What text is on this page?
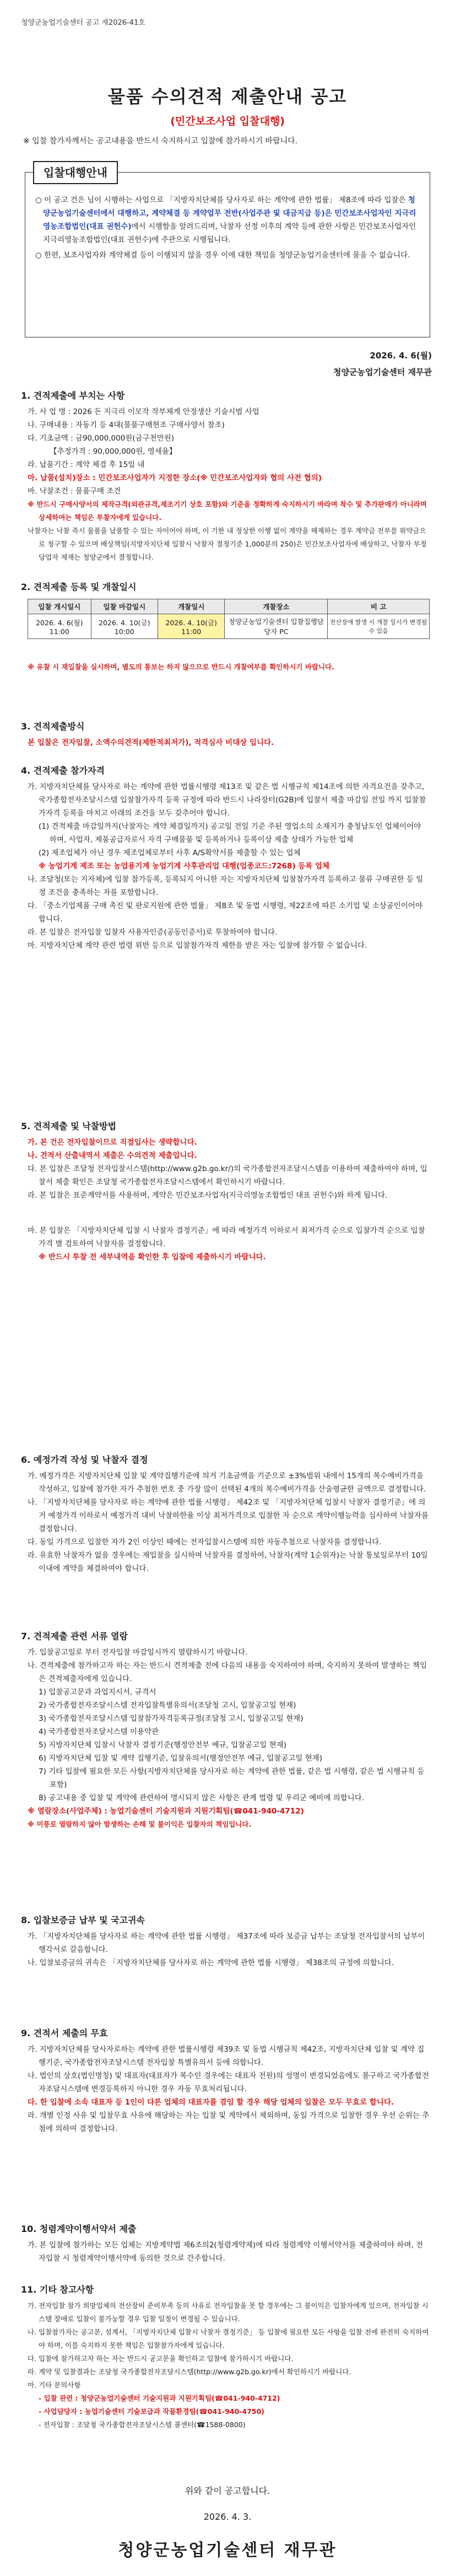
청양군농업기술센터 공고 제2026-41호
물품 수의견적 제출안내 공고
(민간보조사업 입찰대행)
※ 입찰 참가자께서는 공고내용을 반드시 숙지하시고 입찰에 참가하시기 바랍니다.
입찰대행안내

○ 이 공고 건은 님이 시행하는 사업으로 「지방자치단체를 당사자로 하는 계약에 관한 법률」 제8조에 따라 입찰은 청양군농업기술센터에서 대행하고, 계약체결 등 계약업무 전반(사업주관 및 대금지급 등)은 민간보조사업자인 지극리영농조합법인(대표 권헌수)에서 시행함을 알려드리며, 낙찰자 선정 이후의 계약 등에 관한 사항은 민간보조사업자인 지극리영농조합법인(대표 권헌수)에 주관으로 시행됩니다.

○ 한편, 보조사업자와 계약체결 등이 이행되지 않을 경우 이에 대한 책임을 청양군농업기술센터에 물을 수 없습니다.

2026. 4. 6(월)
청양군농업기술센터 재무관
1. 견적제출에 부치는 사항

가. 사 업 명 : 2026 돈 지극리 이모작 작부체계 안정생산 기술시범 사업

나. 구매내용 : 자동기 등 4대(물품구매현조 구매사양서 참조)

다. 기초금액 : 금90,000,000원(금구천만원)

【추정가격 : 90,000,000원, 영세율】

라. 납품기간 : 계약 체결 후 15일 내

마. 납품(설치)장소 : 민간보조사업자가 지정한 장소(※ 민간보조사업자와 협의 사전 협의)

바. 낙찰조건 : 물품구매 조건

※ 반드시 구매사양서의 제작규격(외관규격,제조기기 상호 포함)와 기준을 정확하게 숙지하시기 바라며 착수 및 추가판매가 아니라며 상세하여는 책임은 투찰자에게 있습니다.

낙찰자는 낙찰 즉시 물품을 납품할 수 있는 자이어야 하며, 이 기한 내 정상한 이행 없이 계약을 해제하는 경우 계약금 전부를 위약금으로 청구할 수 있으며 배상책임(지방자치단체 입찰시 낙찰자 결정기준 1,000분의 250)은 민간보조사업자에 배상하고, 낙찰자 부정당업자 제재는 청양군에서 결정합니다.

2. 견적제출 등록 및 개찰일시
입찰 개시일시	입찰 마감일시	개찰일시	개찰장소	비 고
2026. 4. 6(월) 11:00	2026. 4. 10(금) 10:00	2026. 4. 10(금) 11:00	청양군농업기술센터 입찰집행담당자 PC	전산장애 발생 시 개찰 일시가 변경될 수 있음
※ 유찰 시 재입찰을 실시하며, 별도의 통보는 하지 않으므로 반드시 개찰여부를 확인하시기 바랍니다.
3. 견적제출방식

본 입찰은 전자입찰, 소액수의견적(제한적최저가), 적격심사 비대상 입니다.

4. 견적제출 참가자격

가. 지방자치단체를 당사자로 하는 계약에 관한 법률시행령 제13조 및 같은 법 시행규칙 제14조에 의한 자격요건을 갖추고, 국가종합전자조달시스템 입찰참가자격 등록 규정에 따라 반드시 나라장터(G2B)에 입찰서 제출 마감일 전일 까지 입찰참가자격 등록을 마치고 아래의 조건을 모두 갖추어야 합니다.

(1) 견적제출 마감일까지(낙찰자는 계약 체결일까지) 공고일 전일 기준 주된 영업소의 소재지가 충청남도인 업체이어야 하며, 사업자, 제품공급자로서 자격 구매물품 및 등록하거나 등록이상 제출 상태가 가능한 업체

(2) 제조업체가 아닌 경우 제조업체로부터 사후 A/S확약서를 제출할 수 있는 업체

※ 농업기계 제조 또는 농업용기계 농업기계 사후관리업 대행(업종코드:7268) 등록 업체

나. 조달청(또는 지자체)에 입찰 참가등록, 등록되지 아니한 자는 지방자치단체 입찰참가자격 등록하고 물류 구매권한 등 일정 조건을 충족하는 자를 포함합니다.

다. 「중소기업제품 구매 촉진 및 판로지원에 관한 법률」 제8조 및 동법 시행령, 제22조에 따른 소기업 및 소상공인이어야 합니다.

라. 본 입찰은 전자입찰 입찰자 사용자인증(공동인증서)로 투찰하여야 합니다.

마. 지방자치단체 계약 관련 법령 위반 등으로 입찰참가자격 제한을 받은 자는 입찰에 참가할 수 없습니다.

5. 견적제출 및 낙찰방법

가. 본 건은 전자입찰이므로 직접입사는 생략합니다.

나. 견적서 산출내역서 제출은 수의견적 제출입니다.

다. 본 입찰은 조달청 전자입찰시스템(http://www.g2b.go.kr/)의 국가종합전자조달시스템을 이용하여 제출하여야 하며, 입찰서 제출 확인은 조달청 국가종합전자조달시스템에서 확인하시기 바랍니다.

라. 본 입찰은 표준계약서를 사용하며, 계약은 민간보조사업자(지극리영농조합법인 대표 권헌수)와 하게 됩니다.

마. 본 입찰은 「지방자치단체 입찰 시 낙찰자 결정기준」에 따라 예정가격 이하로서 최저가격 순으로 입찰가격 순으로 입찰가격 별 검토하여 낙찰자를 결정합니다.

※ 반드시 투찰 전 세부내역을 확인한 후 입찰에 제출하시기 바랍니다.

6. 예정가격 작성 및 낙찰자 결정

가. 예정가격은 지방자치단체 입찰 및 계약집행기준에 의거 기초금액을 기준으로 ±3%범위 내에서 15개의 복수예비가격을 작성하고, 입찰에 참가한 자가 추첨한 번호 중 가장 많이 선택된 4개의 복수예비가격을 산술평균한 금액으로 결정합니다.

나. 「지방자치단체를 당사자로 하는 계약에 관한 법률 시행령」 제42조 및 「지방자치단체 입찰시 낙찰자 결정기준」에 의거 예정가격 이하로서 예정가격 대비 낙찰하한율 이상 최저가격으로 입찰한 자 순으로 계약이행능력을 심사하여 낙찰자를 결정합니다.

다. 동일 가격으로 입찰한 자가 2인 이상인 때에는 전자입찰시스템에 의한 자동추첨으로 낙찰자를 결정합니다.

라. 유효한 낙찰자가 없을 경우에는 재입찰을 실시하며 낙찰자를 결정하여, 낙찰자(계약 1순위자)는 낙찰 통보일로부터 10일 이내에 계약을 체결하여야 합니다.

7. 견적제출 관련 서류 열람

가. 입찰공고일로 부터 전자입찰 마감일시까지 열람하시기 바랍니다.

나. 견적제출에 참가하고자 하는 자는 반드시 견적제출 전에 다음의 내용을 숙지하여야 하며, 숙지하지 못하여 발생하는 책임은 견적제출자에게 있습니다.

1) 입찰공고문과 과업지시서, 규격서

2) 국가종합전자조달시스템 전자입찰특별유의서(조달청 고시, 입찰공고일 현재)

3) 국가종합전자조달시스템 입찰참가자격등록규정(조달청 고시, 입찰공고일 현재)

4) 국가종합전자조달시스템 이용약관

5) 지방자치단체 입찰시 낙찰자 결정기준(행정안전부 예규, 입찰공고일 현재)

6) 지방자치단체 입찰 및 계약 집행기준, 입찰유의서(행정안전부 예규, 입찰공고일 현재)

7) 기타 입찰에 필요한 모든 사항(지방자치단체를 당사자로 하는 계약에 관한 법률, 같은 법 시행령, 같은 법 시행규칙 등 포함)

8) 공고내용 중 입찰 및 계약에 관련하여 명시되지 않은 사항은 관계 법령 및 우리군 예비에 의합니다.

※ 열람장소(사업주체) : 농업기술센터 기술지원과 지원기획팀(☎041-940-4712)

※ 미풍로 열람하지 않아 발생하는 손해 및 불이익은 입찰자의 책임입니다.

8. 입찰보증금 납부 및 국고귀속

가. 「지방자치단체를 당사자로 하는 계약에 관한 법률 시행령」 제37조에 따라 보증금 납부는 조달청 전자입찰서의 납부이행각서로 갈음합니다.

나. 입찰보증금의 귀속은 「지방자치단체를 당사자로 하는 계약에 관한 법률 시행령」 제38조의 규정에 의합니다.

9. 견적서 제출의 무효

가. 지방자치단체를 당사자로하는 계약에 관한 법률시행령 제39조 및 동법 시행규칙 제42조, 지방자치단체 입찰 및 계약 집행기준, 국가종합전자조달시스템 전자입찰 특별유의서 등에 의합니다.

나. 법인의 상호(법인명칭) 및 대표자(대표자가 복수인 경우에는 대표자 전원)의 성명이 변경되었음에도 불구하고 국가종합전자조달시스템에 변경등록하지 아니한 경우 자동 무효처리됩니다.

다. 한 입찰에 소속 대표자 등 1인이 다른 업체의 대표자를 겸임 할 경우 해당 업체의 입찰은 모두 무효로 합니다.

라. 개별 인정 사유 및 입찰무효 사유에 해당하는 자는 입찰 및 계약에서 제외하며, 동일 가격으로 입찰한 경우 우선 순위는 추첨에 의하여 결정합니다.

10. 청렴계약이행서약서 제출

가. 본 입찰에 참가하는 모든 업체는 지방계약법 제6조의2(청렴계약제)에 따라 청렴계약 이행서약서를 제출하여야 하며, 전자입찰 시 청렴계약이행서약에 동의한 것으로 간주합니다.

11. 기타 참고사항

가. 전자입찰 참가 희망업체의 전산장비 준비부족 등의 사유로 전자입찰을 못 할 경우에는 그 불이익은 입찰자에게 있으며, 전자입찰 시스템 장애로 입찰이 불가능할 경우 입찰 일정이 변경될 수 있습니다.

나. 입찰참가자는 공고문, 설계서, 「지방자치단체 입찰시 낙찰자 결정기준」 등 입찰에 필요한 모든 사항을 입찰 전에 완전히 숙지하여야 하며, 이를 숙지하지 못한 책임은 입찰참가자에게 있습니다.

다. 입찰에 참가하고자 하는 자는 반드시 공고문을 확인하고 입찰에 참가하시기 바랍니다.

라. 계약 및 입찰결과는 조달청 국가종합전자조달시스템(http://www.g2b.go.kr)에서 확인하시기 바랍니다.

마. 기타 문의사항

- 입찰 관련 : 청양군농업기술센터 기술지원과 지원기획팀(☎041-940-4712)

- 사업담당자 : 농업기술센터 기술보급과 작물환경팀(☎041-940-4750)

- 전자입찰 : 조달청 국가종합전자조달시스템 콜센터(☎1588-0800)

위와 같이 공고합니다.
2026. 4. 3.
청양군농업기술센터 재무관
